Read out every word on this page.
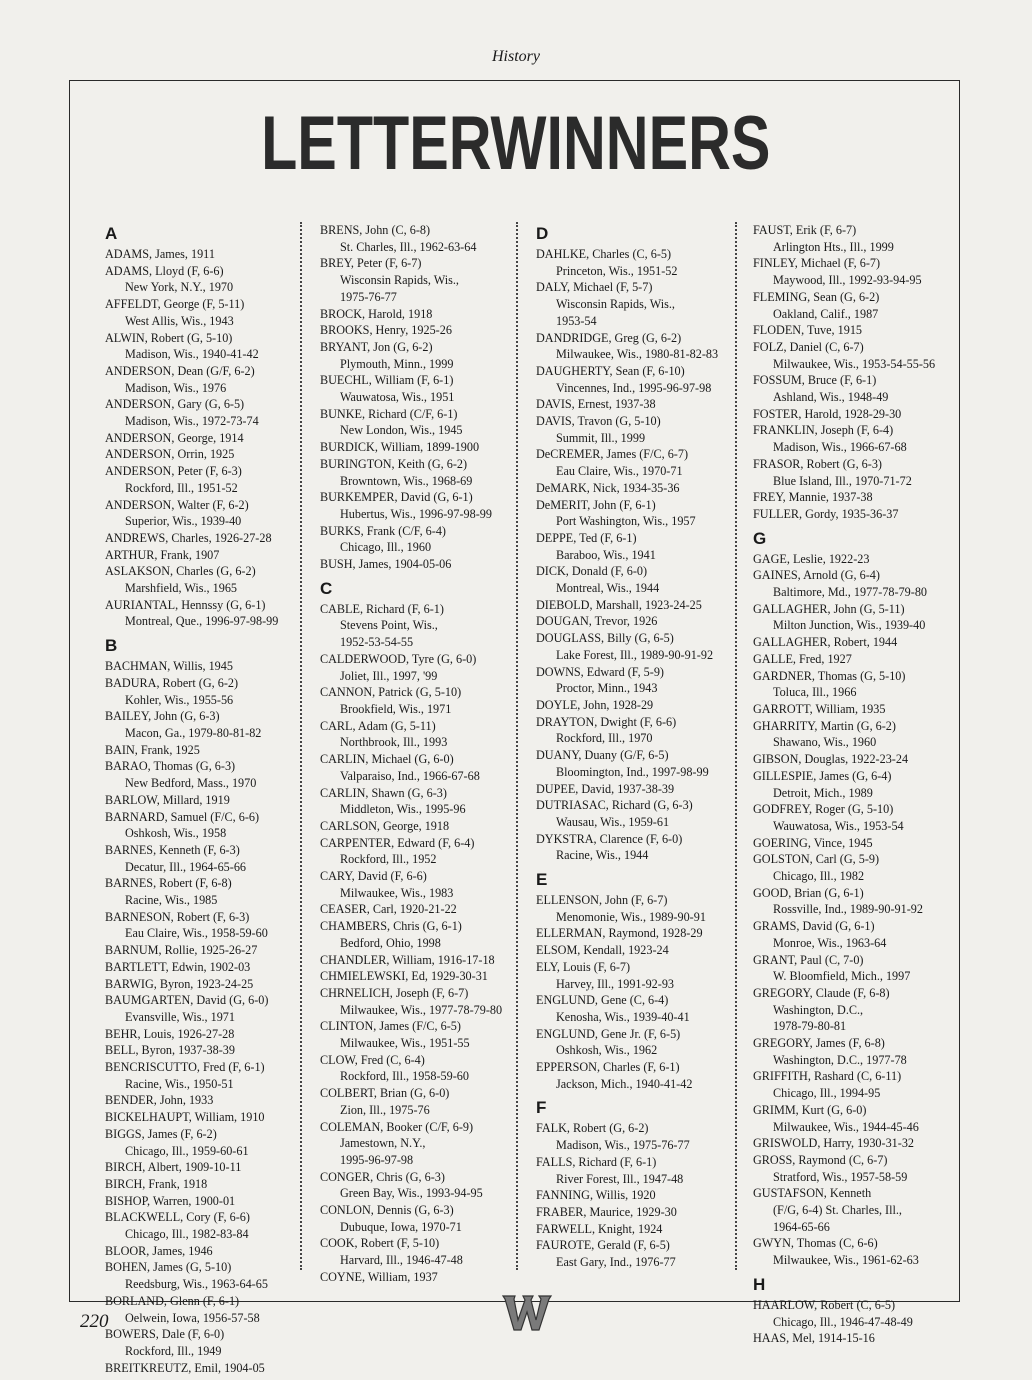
History
LETTERWINNERS
A
ADAMS, James, 1911
ADAMS, Lloyd (F, 6-6)
New York, N.Y., 1970
AFFELDT, George (F, 5-11)
West Allis, Wis., 1943
ALWIN, Robert (G, 5-10)
Madison, Wis., 1940-41-42
ANDERSON, Dean (G/F, 6-2)
Madison, Wis., 1976
ANDERSON, Gary (G, 6-5)
Madison, Wis., 1972-73-74
ANDERSON, George, 1914
ANDERSON, Orrin, 1925
ANDERSON, Peter (F, 6-3)
Rockford, Ill., 1951-52
ANDERSON, Walter (F, 6-2)
Superior, Wis., 1939-40
ANDREWS, Charles, 1926-27-28
ARTHUR, Frank, 1907
ASLAKSON, Charles (G, 6-2)
Marshfield, Wis., 1965
AURIANTAL, Hennssy (G, 6-1)
Montreal, Que., 1996-97-98-99
B
BACHMAN, Willis, 1945
BADURA, Robert (G, 6-2)
Kohler, Wis., 1955-56
BAILEY, John (G, 6-3)
Macon, Ga., 1979-80-81-82
BAIN, Frank, 1925
BARAO, Thomas (G, 6-3)
New Bedford, Mass., 1970
BARLOW, Millard, 1919
BARNARD, Samuel (F/C, 6-6)
Oshkosh, Wis., 1958
BARNES, Kenneth (F, 6-3)
Decatur, Ill., 1964-65-66
BARNES, Robert (F, 6-8)
Racine, Wis., 1985
BARNESON, Robert (F, 6-3)
Eau Claire, Wis., 1958-59-60
BARNUM, Rollie, 1925-26-27
BARTLETT, Edwin, 1902-03
BARWIG, Byron, 1923-24-25
BAUMGARTEN, David (G, 6-0)
Evansville, Wis., 1971
BEHR, Louis, 1926-27-28
BELL, Byron, 1937-38-39
BENCRISCUTTO, Fred (F, 6-1)
Racine, Wis., 1950-51
BENDER, John, 1933
BICKELHAUPT, William, 1910
BIGGS, James (F, 6-2)
Chicago, Ill., 1959-60-61
BIRCH, Albert, 1909-10-11
BIRCH, Frank, 1918
BISHOP, Warren, 1900-01
BLACKWELL, Cory (F, 6-6)
Chicago, Ill., 1982-83-84
BLOOR, James, 1946
BOHEN, James (G, 5-10)
Reedsburg, Wis., 1963-64-65
BORLAND, Glenn (F, 6-1)
Oelwein, Iowa, 1956-57-58
BOWERS, Dale (F, 6-0)
Rockford, Ill., 1949
BREITKREUTZ, Emil, 1904-05
BRENS, John (C, 6-8)
St. Charles, Ill., 1962-63-64
BREY, Peter (F, 6-7)
Wisconsin Rapids, Wis.,
1975-76-77
BROCK, Harold, 1918
BROOKS, Henry, 1925-26
BRYANT, Jon (G, 6-2)
Plymouth, Minn., 1999
BUECHL, William (F, 6-1)
Wauwatosa, Wis., 1951
BUNKE, Richard (C/F, 6-1)
New London, Wis., 1945
BURDICK, William, 1899-1900
BURINGTON, Keith (G, 6-2)
Browntown, Wis., 1968-69
BURKEMPER, David (G, 6-1)
Hubertus, Wis., 1996-97-98-99
BURKS, Frank (C/F, 6-4)
Chicago, Ill., 1960
BUSH, James, 1904-05-06
C
CABLE, Richard (F, 6-1)
Stevens Point, Wis.,
1952-53-54-55
CALDERWOOD, Tyre (G, 6-0)
Joliet, Ill., 1997, '99
CANNON, Patrick (G, 5-10)
Brookfield, Wis., 1971
CARL, Adam (G, 5-11)
Northbrook, Ill., 1993
CARLIN, Michael (G, 6-0)
Valparaiso, Ind., 1966-67-68
CARLIN, Shawn (G, 6-3)
Middleton, Wis., 1995-96
CARLSON, George, 1918
CARPENTER, Edward (F, 6-4)
Rockford, Ill., 1952
CARY, David (F, 6-6)
Milwaukee, Wis., 1983
CEASER, Carl, 1920-21-22
CHAMBERS, Chris (G, 6-1)
Bedford, Ohio, 1998
CHANDLER, William, 1916-17-18
CHMIELEWSKI, Ed, 1929-30-31
CHRNELICH, Joseph (F, 6-7)
Milwaukee, Wis., 1977-78-79-80
CLINTON, James (F/C, 6-5)
Milwaukee, Wis., 1951-55
CLOW, Fred (C, 6-4)
Rockford, Ill., 1958-59-60
COLBERT, Brian (G, 6-0)
Zion, Ill., 1975-76
COLEMAN, Booker (C/F, 6-9)
Jamestown, N.Y.,
1995-96-97-98
CONGER, Chris (G, 6-3)
Green Bay, Wis., 1993-94-95
CONLON, Dennis (G, 6-3)
Dubuque, Iowa, 1970-71
COOK, Robert (F, 5-10)
Harvard, Ill., 1946-47-48
COYNE, William, 1937
D
DAHLKE, Charles (C, 6-5)
Princeton, Wis., 1951-52
DALY, Michael (F, 5-7)
Wisconsin Rapids, Wis.,
1953-54
DANDRIDGE, Greg (G, 6-2)
Milwaukee, Wis., 1980-81-82-83
DAUGHERTY, Sean (F, 6-10)
Vincennes, Ind., 1995-96-97-98
DAVIS, Ernest, 1937-38
DAVIS, Travon (G, 5-10)
Summit, Ill., 1999
DeCREMER, James (F/C, 6-7)
Eau Claire, Wis., 1970-71
DeMARK, Nick, 1934-35-36
DeMERIT, John (F, 6-1)
Port Washington, Wis., 1957
DEPPE, Ted (F, 6-1)
Baraboo, Wis., 1941
DICK, Donald (F, 6-0)
Montreal, Wis., 1944
DIEBOLD, Marshall, 1923-24-25
DOUGAN, Trevor, 1926
DOUGLASS, Billy (G, 6-5)
Lake Forest, Ill., 1989-90-91-92
DOWNS, Edward (F, 5-9)
Proctor, Minn., 1943
DOYLE, John, 1928-29
DRAYTON, Dwight (F, 6-6)
Rockford, Ill., 1970
DUANY, Duany (G/F, 6-5)
Bloomington, Ind., 1997-98-99
DUPEE, David, 1937-38-39
DUTRIASAC, Richard (G, 6-3)
Wausau, Wis., 1959-61
DYKSTRA, Clarence (F, 6-0)
Racine, Wis., 1944
E
ELLENSON, John (F, 6-7)
Menomonie, Wis., 1989-90-91
ELLERMAN, Raymond, 1928-29
ELSOM, Kendall, 1923-24
ELY, Louis (F, 6-7)
Harvey, Ill., 1991-92-93
ENGLUND, Gene (C, 6-4)
Kenosha, Wis., 1939-40-41
ENGLUND, Gene Jr. (F, 6-5)
Oshkosh, Wis., 1962
EPPERSON, Charles (F, 6-1)
Jackson, Mich., 1940-41-42
F
FALK, Robert (G, 6-2)
Madison, Wis., 1975-76-77
FALLS, Richard (F, 6-1)
River Forest, Ill., 1947-48
FANNING, Willis, 1920
FRABER, Maurice, 1929-30
FARWELL, Knight, 1924
FAUROTE, Gerald (F, 6-5)
East Gary, Ind., 1976-77
FAUST, Erik (F, 6-7)
Arlington Hts., Ill., 1999
FINLEY, Michael (F, 6-7)
Maywood, Ill., 1992-93-94-95
FLEMING, Sean (G, 6-2)
Oakland, Calif., 1987
FLODEN, Tuve, 1915
FOLZ, Daniel (C, 6-7)
Milwaukee, Wis., 1953-54-55-56
FOSSUM, Bruce (F, 6-1)
Ashland, Wis., 1948-49
FOSTER, Harold, 1928-29-30
FRANKLIN, Joseph (F, 6-4)
Madison, Wis., 1966-67-68
FRASOR, Robert (G, 6-3)
Blue Island, Ill., 1970-71-72
FREY, Mannie, 1937-38
FULLER, Gordy, 1935-36-37
G
GAGE, Leslie, 1922-23
GAINES, Arnold (G, 6-4)
Baltimore, Md., 1977-78-79-80
GALLAGHER, John (G, 5-11)
Milton Junction, Wis., 1939-40
GALLAGHER, Robert, 1944
GALLE, Fred, 1927
GARDNER, Thomas (G, 5-10)
Toluca, Ill., 1966
GARROTT, William, 1935
GHARRITY, Martin (G, 6-2)
Shawano, Wis., 1960
GIBSON, Douglas, 1922-23-24
GILLESPIE, James (G, 6-4)
Detroit, Mich., 1989
GODFREY, Roger (G, 5-10)
Wauwatosa, Wis., 1953-54
GOERING, Vince, 1945
GOLSTON, Carl (G, 5-9)
Chicago, Ill., 1982
GOOD, Brian (G, 6-1)
Rossville, Ind., 1989-90-91-92
GRAMS, David (G, 6-1)
Monroe, Wis., 1963-64
GRANT, Paul (C, 7-0)
W. Bloomfield, Mich., 1997
GREGORY, Claude (F, 6-8)
Washington, D.C.,
1978-79-80-81
GREGORY, James (F, 6-8)
Washington, D.C., 1977-78
GRIFFITH, Rashard (C, 6-11)
Chicago, Ill., 1994-95
GRIMM, Kurt (G, 6-0)
Milwaukee, Wis., 1944-45-46
GRISWOLD, Harry, 1930-31-32
GROSS, Raymond (C, 6-7)
Stratford, Wis., 1957-58-59
GUSTAFSON, Kenneth
(F/G, 6-4) St. Charles, Ill.,
1964-65-66
GWYN, Thomas (C, 6-6)
Milwaukee, Wis., 1961-62-63
H
HAARLOW, Robert (C, 6-5)
Chicago, Ill., 1946-47-48-49
HAAS, Mel, 1914-15-16
220
